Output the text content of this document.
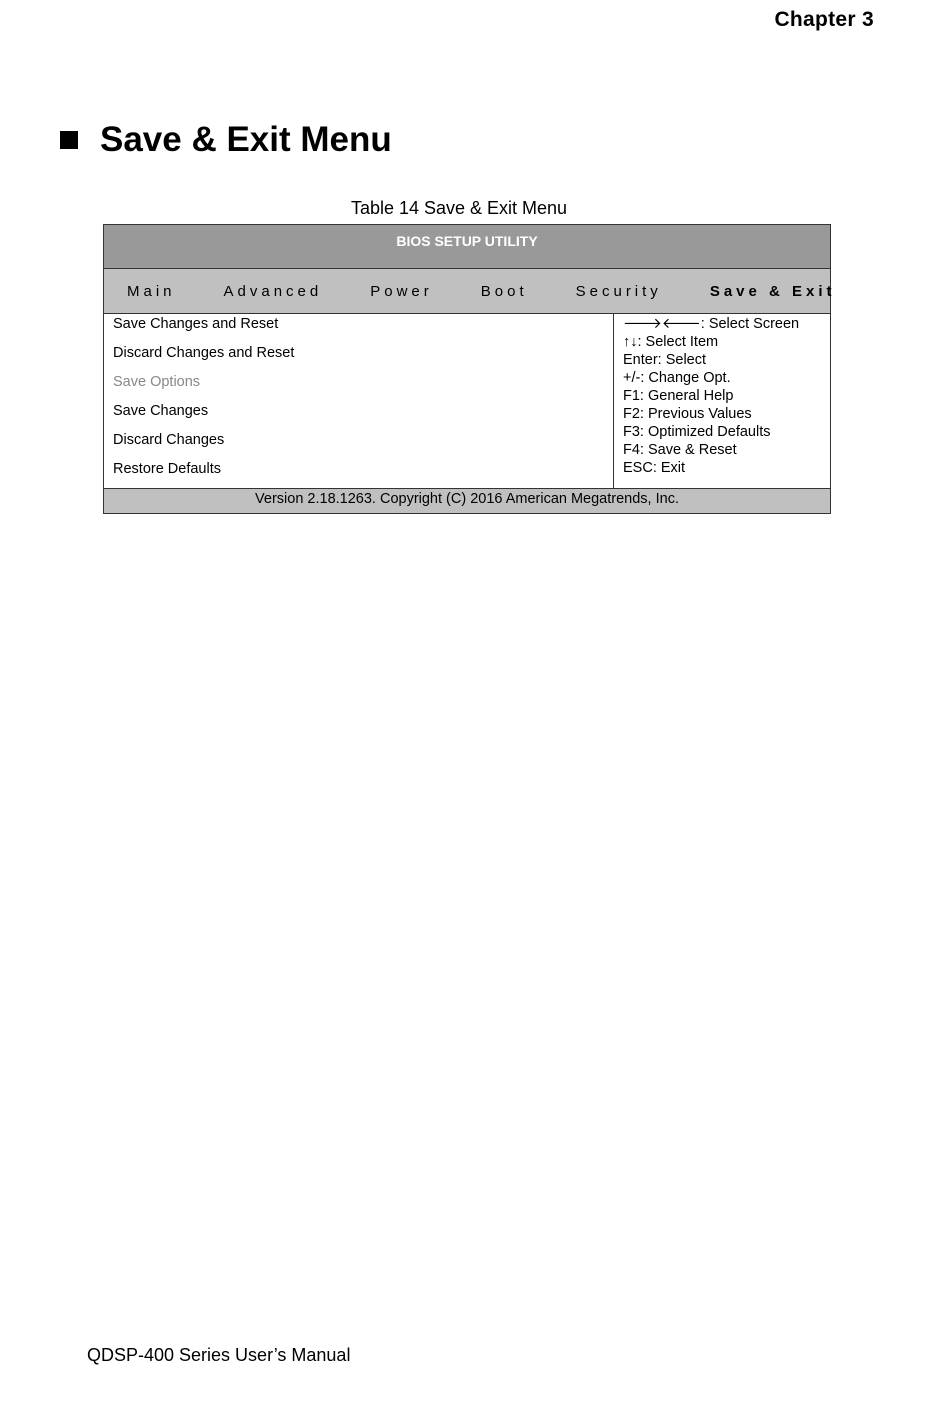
Chapter 3
Save & Exit Menu
Table 14 Save & Exit Menu
BIOS SETUP UTILITY
Main	Advanced	Power	Boot	Security	Save & Exit
Save Changes and Reset
Discard Changes and Reset
Save Options
Save Changes
Discard Changes
Restore Defaults
🡒🡐: Select Screen
↑↓: Select Item
Enter: Select
+/-: Change Opt.
F1: General Help
F2: Previous Values
F3: Optimized Defaults
F4: Save & Reset
ESC: Exit
Version 2.18.1263. Copyright (C) 2016 American Megatrends, Inc.
QDSP-400 Series User’s Manual
